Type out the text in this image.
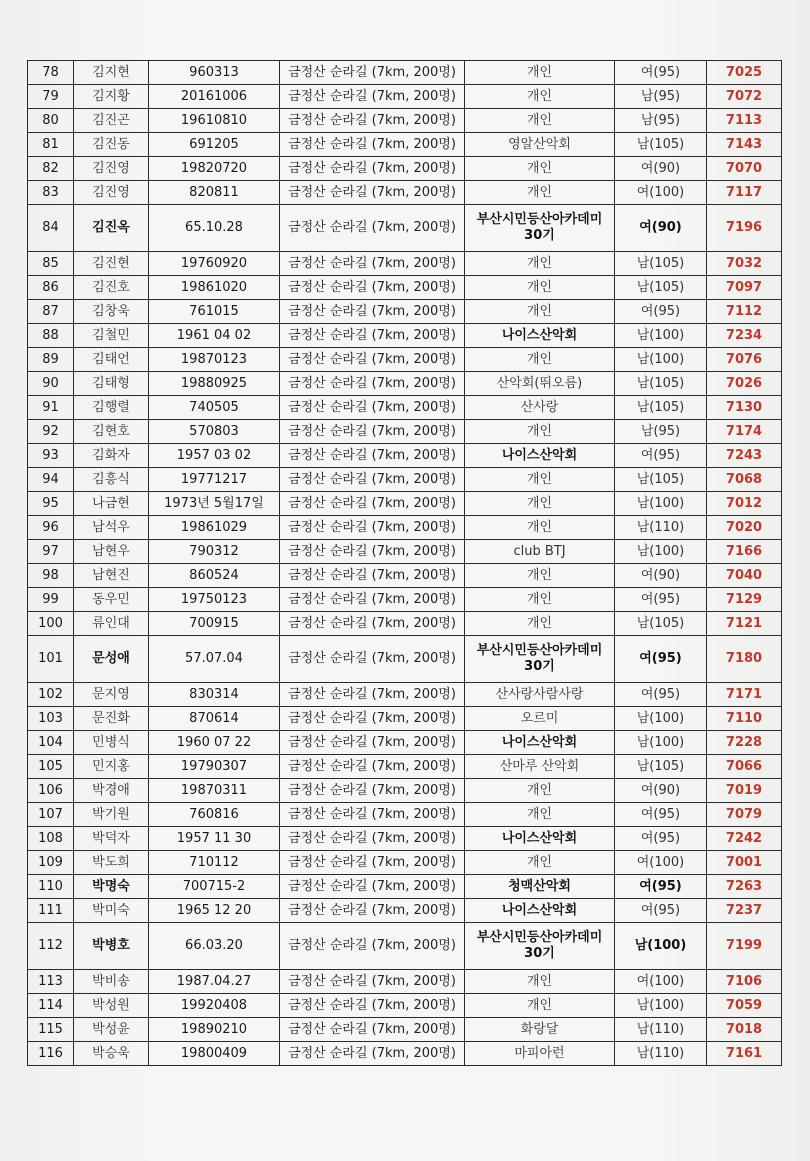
78	김지현	960313	금정산 순라길 (7km, 200명)	개인	여(95)	7025
79	김지황	20161006	금정산 순라길 (7km, 200명)	개인	남(95)	7072
80	김진곤	19610810	금정산 순라길 (7km, 200명)	개인	남(95)	7113
81	김진동	691205	금정산 순라길 (7km, 200명)	영알산악회	남(105)	7143
82	김진영	19820720	금정산 순라길 (7km, 200명)	개인	여(90)	7070
83	김진영	820811	금정산 순라길 (7km, 200명)	개인	여(100)	7117
84	김진옥	65.10.28	금정산 순라길 (7km, 200명)	부산시민등산아카데미 30기	여(90)	7196
85	김진현	19760920	금정산 순라길 (7km, 200명)	개인	남(105)	7032
86	김진호	19861020	금정산 순라길 (7km, 200명)	개인	남(105)	7097
87	김창욱	761015	금정산 순라길 (7km, 200명)	개인	여(95)	7112
88	김철민	1961 04 02	금정산 순라길 (7km, 200명)	나이스산악회	남(100)	7234
89	김태언	19870123	금정산 순라길 (7km, 200명)	개인	남(100)	7076
90	김태형	19880925	금정산 순라길 (7km, 200명)	산악회(뛰오름)	남(105)	7026
91	김행렬	740505	금정산 순라길 (7km, 200명)	산사랑	남(105)	7130
92	김현호	570803	금정산 순라길 (7km, 200명)	개인	남(95)	7174
93	김화자	1957 03 02	금정산 순라길 (7km, 200명)	나이스산악회	여(95)	7243
94	김흥식	19771217	금정산 순라길 (7km, 200명)	개인	남(105)	7068
95	나금현	1973년 5월17일	금정산 순라길 (7km, 200명)	개인	남(100)	7012
96	남석우	19861029	금정산 순라길 (7km, 200명)	개인	남(110)	7020
97	남현우	790312	금정산 순라길 (7km, 200명)	club BTJ	남(100)	7166
98	남현진	860524	금정산 순라길 (7km, 200명)	개인	여(90)	7040
99	동우민	19750123	금정산 순라길 (7km, 200명)	개인	여(95)	7129
100	류인대	700915	금정산 순라길 (7km, 200명)	개인	남(105)	7121
101	문성애	57.07.04	금정산 순라길 (7km, 200명)	부산시민등산아카데미 30기	여(95)	7180
102	문지영	830314	금정산 순라길 (7km, 200명)	산사랑사람사랑	여(95)	7171
103	문진화	870614	금정산 순라길 (7km, 200명)	오르미	남(100)	7110
104	민병식	1960 07 22	금정산 순라길 (7km, 200명)	나이스산악회	남(100)	7228
105	민지홍	19790307	금정산 순라길 (7km, 200명)	산마루 산악회	남(105)	7066
106	박경애	19870311	금정산 순라길 (7km, 200명)	개인	여(90)	7019
107	박기원	760816	금정산 순라길 (7km, 200명)	개인	여(95)	7079
108	박덕자	1957 11 30	금정산 순라길 (7km, 200명)	나이스산악회	여(95)	7242
109	박도희	710112	금정산 순라길 (7km, 200명)	개인	여(100)	7001
110	박명숙	700715-2	금정산 순라길 (7km, 200명)	청맥산악회	여(95)	7263
111	박미숙	1965 12 20	금정산 순라길 (7km, 200명)	나이스산악회	여(95)	7237
112	박병호	66.03.20	금정산 순라길 (7km, 200명)	부산시민등산아카데미 30기	남(100)	7199
113	박비송	1987.04.27	금정산 순라길 (7km, 200명)	개인	여(100)	7106
114	박성원	19920408	금정산 순라길 (7km, 200명)	개인	남(100)	7059
115	박성윤	19890210	금정산 순라길 (7km, 200명)	화랑달	남(110)	7018
116	박승욱	19800409	금정산 순라길 (7km, 200명)	마피아런	남(110)	7161
